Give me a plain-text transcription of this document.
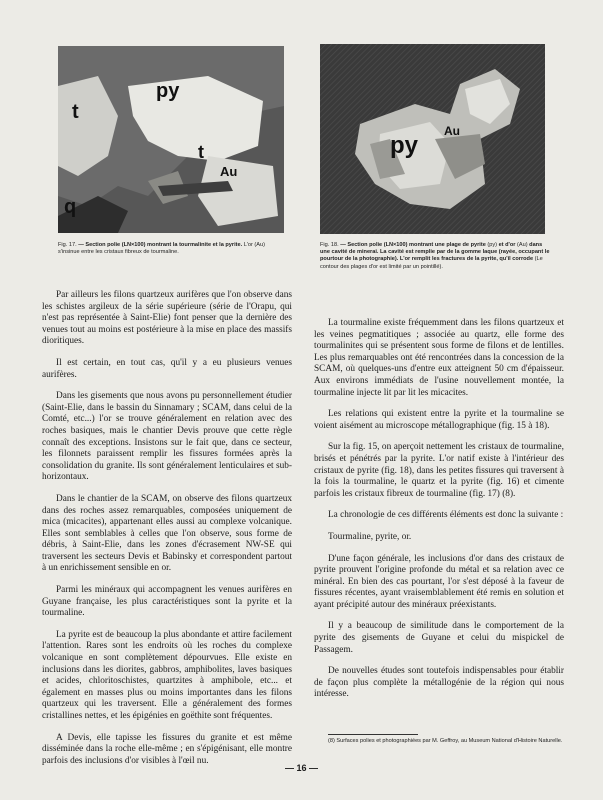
py
t
t
Au
q
Fig. 17. — Section polie (LN×100) montrant la tourmalinite et la pyrite. L'or (Au) s'insinue entre les cristaux fibreux de tourmaline.
py
Au
Fig. 18. — Section polie (LN×100) montrant une plage de pyrite (py) et d'or (Au) dans une cavité de minerai. La cavité est remplie par de la gomme laque (rayée, occupant le pourtour de la photographie). L'or remplit les fractures de la pyrite, qu'il corrode (Le contour des plages d'or est limité par un pointillé).

Par ailleurs les filons quartzeux aurifères que l'on observe dans les schistes argileux de la série supérieure (série de l'Orapu, qui n'est pas représentée à Saint-Elie) font penser que la dernière des venues tout au moins est postérieure à la mise en place des massifs dioritiques.

Il est certain, en tout cas, qu'il y a eu plusieurs venues aurifères.

Dans les gisements que nous avons pu personnellement étudier (Saint-Elie, dans le bassin du Sinnamary ; SCAM, dans celui de la Comté, etc...) l'or se trouve généralement en relation avec des roches basiques, mais le chantier Devis prouve que cette règle connaît des exceptions. Insistons sur le fait que, dans ce secteur, les filonnets paraissent remplir les fissures formées après la consolidation du granite. Ils sont généralement lenticulaires et sub-horizontaux.

Dans le chantier de la SCAM, on observe des filons quartzeux dans des roches assez remarquables, composées uniquement de mica (micacites), appartenant elles aussi au complexe volcanique. Elles sont semblables à celles que l'on observe, sous forme de débris, à Saint-Elie, dans les zones d'écrasement NW-SE qui traversent les secteurs Devis et Babinsky et correspondent partout à un enrichissement sensible en or.

Parmi les minéraux qui accompagnent les venues aurifères en Guyane française, les plus caractéristiques sont la pyrite et la tourmaline.

La pyrite est de beaucoup la plus abondante et attire facilement l'attention. Rares sont les endroits où les roches du complexe volcanique en sont complètement dépourvues. Elle existe en inclusions dans les diorites, gabbros, amphibolites, laves basiques et acides, chloritoschistes, quartzites à amphibole, etc... et également en masses plus ou moins importantes dans les filons quartzeux qui les traversent. Elle a généralement des formes cristallines nettes, et les épigénies en goëthite sont fréquentes.

A Devis, elle tapisse les fissures du granite et est même disséminée dans la roche elle-même ; en s'épigénisant, elle montre parfois des inclusions d'or visibles à l'œil nu.

La tourmaline existe fréquemment dans les filons quartzeux et les veines pegmatitiques ; associée au quartz, elle forme des tourmalinites qui se présentent sous forme de filons et de lentilles. Les plus remarquables ont été rencontrées dans la concession de la SCAM, où quelques-uns d'entre eux atteignent 50 cm d'épaisseur. Aux environs immédiats de l'usine nouvellement montée, la tourmaline injecte lit par lit les micacites.

Les relations qui existent entre la pyrite et la tourmaline se voient aisément au microscope métallographique (fig. 15 à 18).

Sur la fig. 15, on aperçoit nettement les cristaux de tourmaline, brisés et pénétrés par la pyrite. L'or natif existe à l'intérieur des cristaux de pyrite (fig. 18), dans les petites fissures qui traversent à la fois la tourmaline, le quartz et la pyrite (fig. 16) et cimente parfois les cristaux fibreux de tourmaline (fig. 17) (8).

La chronologie de ces différents éléments est donc la suivante :

Tourmaline, pyrite, or.

D'une façon générale, les inclusions d'or dans des cristaux de pyrite prouvent l'origine profonde du métal et sa relation avec ce minéral. En bien des cas pourtant, l'or s'est déposé à la faveur de fissures récentes, ayant vraisemblablement été remis en solution et ayant précipité autour des minéraux préexistants.

Il y a beaucoup de similitude dans le comportement de la pyrite des gisements de Guyane et celui du mispickel de Passagem.

De nouvelles études sont toutefois indispensables pour établir de façon plus complète la métallogénie de la région qui nous intéresse.

(8) Surfaces polies et photographiées par M. Geffroy, au Museum National d'Histoire Naturelle.
— 16 —
